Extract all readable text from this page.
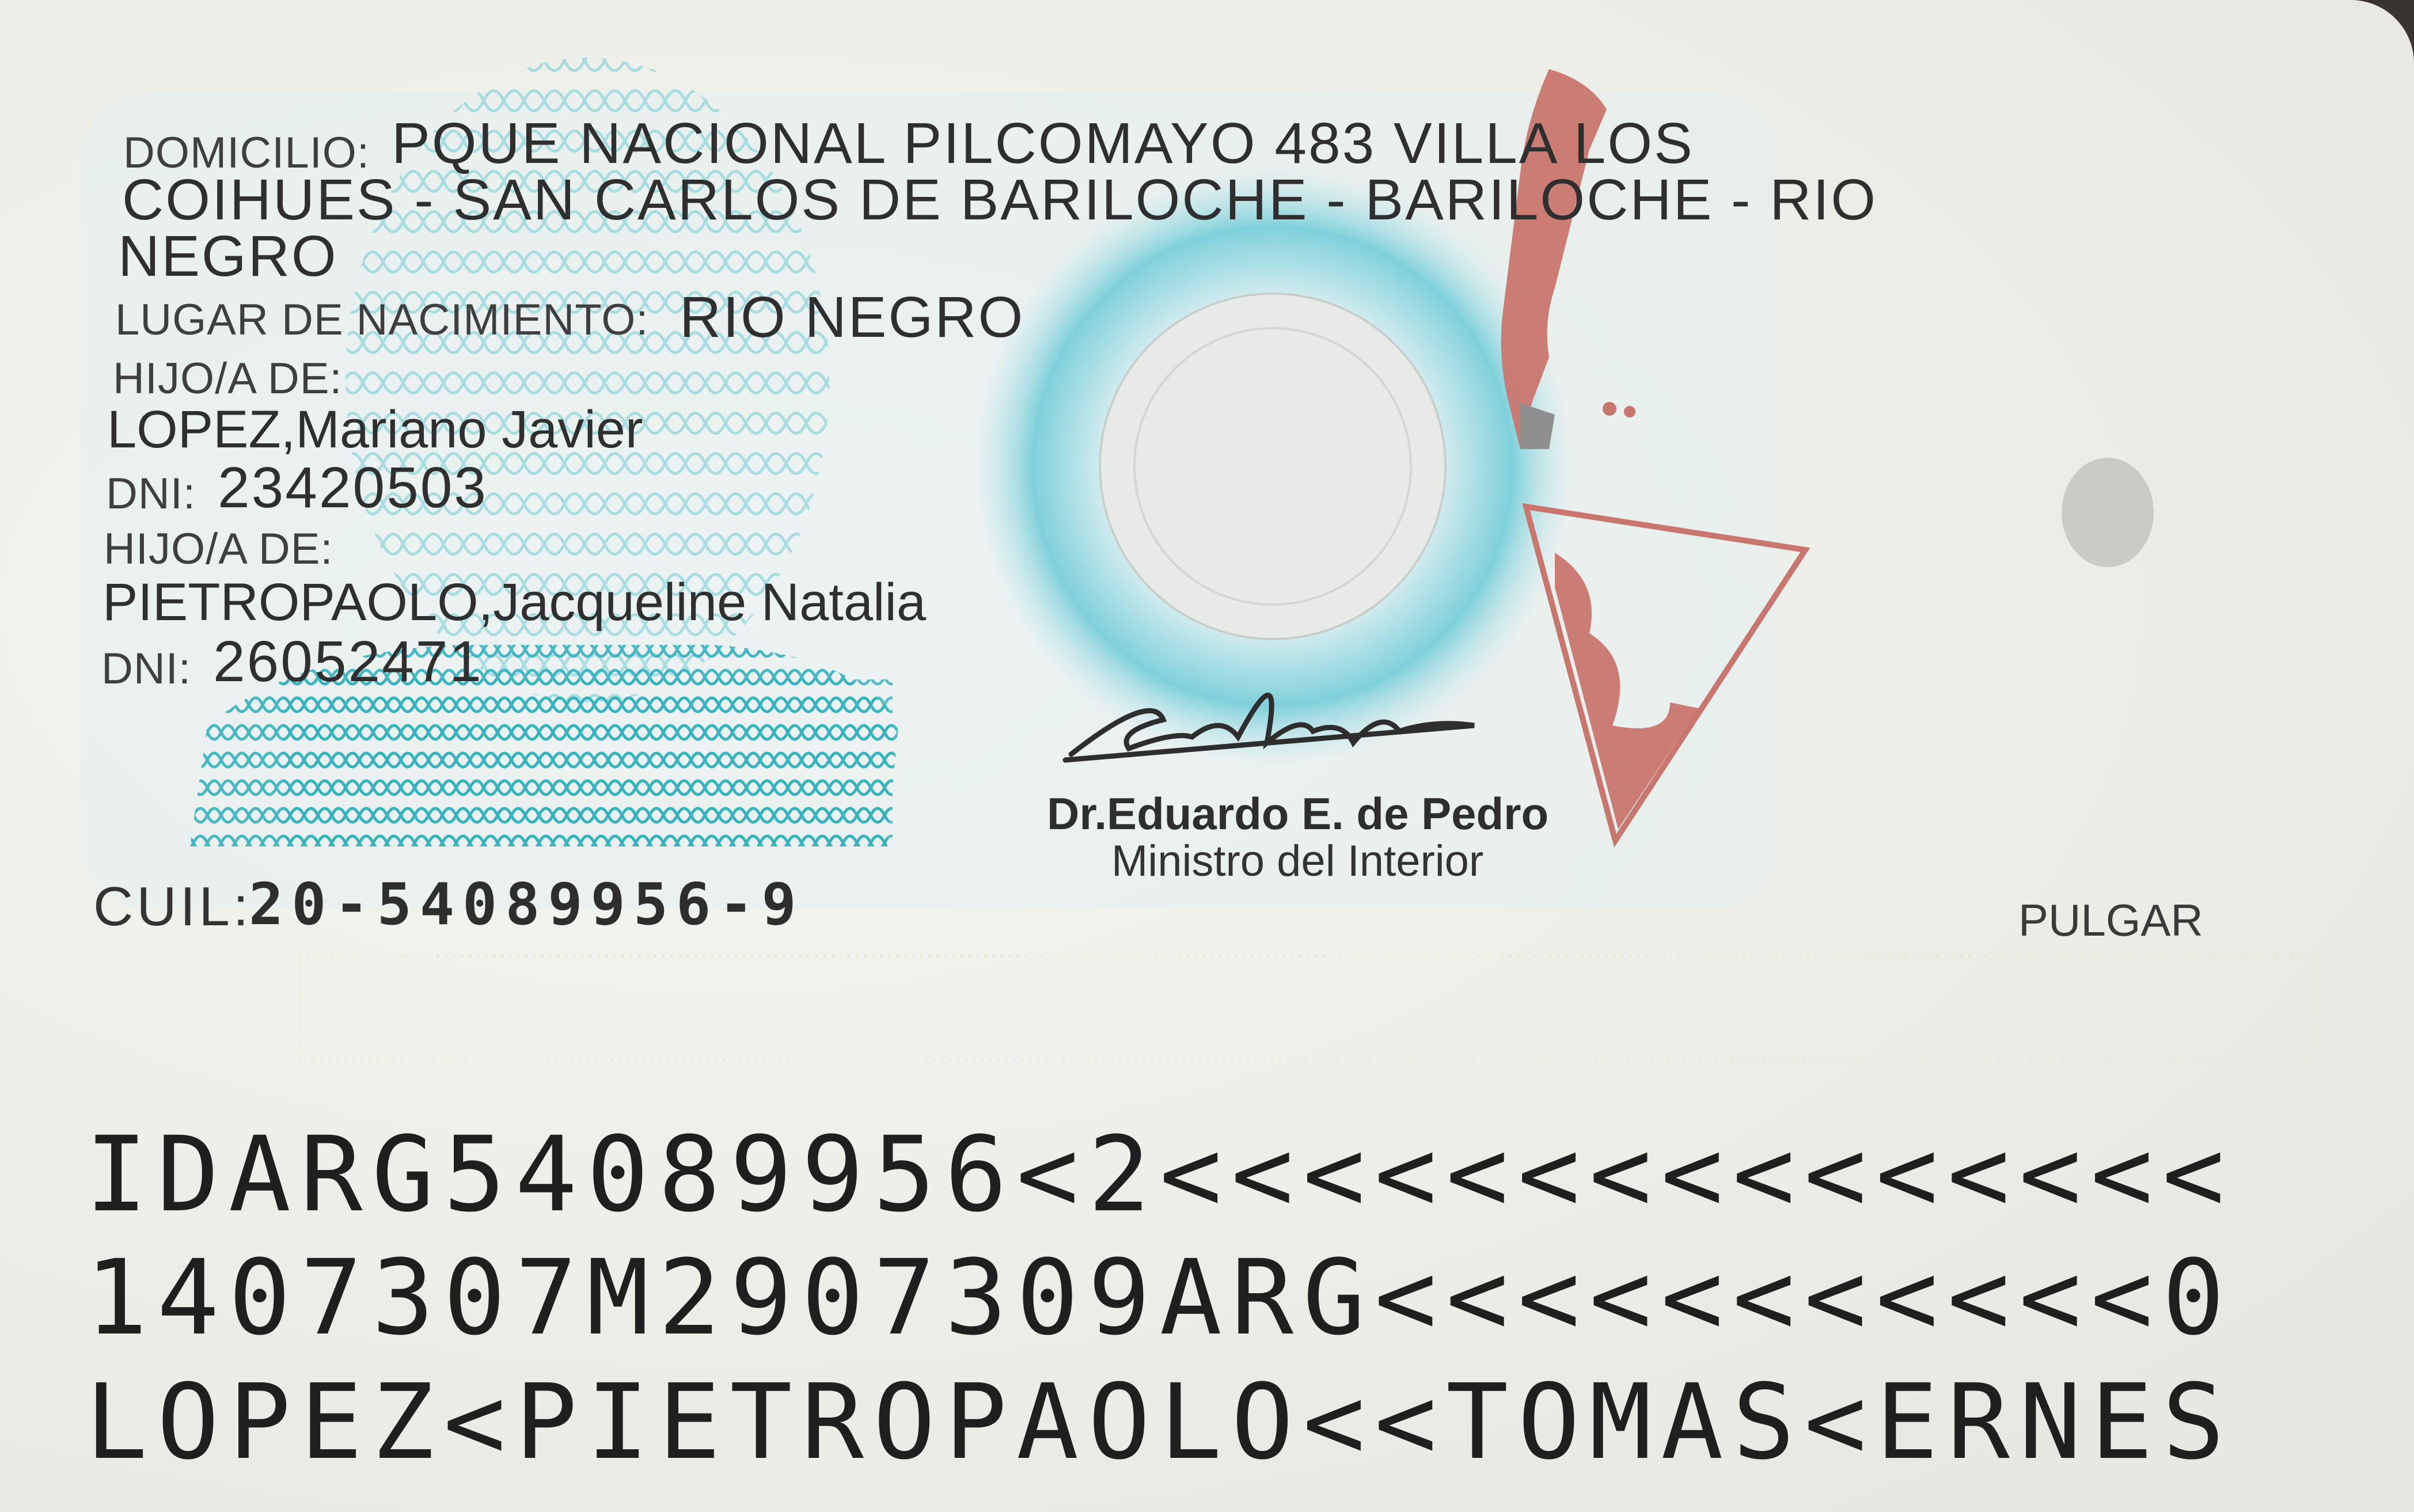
DOMICILIO: PQUE NACIONAL PILCOMAYO 483 VILLA LOS
COIHUES - SAN CARLOS DE BARILOCHE - BARILOCHE - RIO
NEGRO
LUGAR DE NACIMIENTO: RIO NEGRO
HIJO/A DE:
LOPEZ,Mariano Javier
DNI: 23420503
HIJO/A DE:
PIETROPAOLO,Jacqueline Natalia
DNI: 26052471
CUIL:
20-54089956-9
Dr.Eduardo E. de Pedro
Ministro del Interior
PULGAR
IDARG54089956<2<<<<<<<<<<<<<<<
1407307M2907309ARG<<<<<<<<<<<0
LOPEZ<PIETROPAOLO<<TOMAS<ERNES
